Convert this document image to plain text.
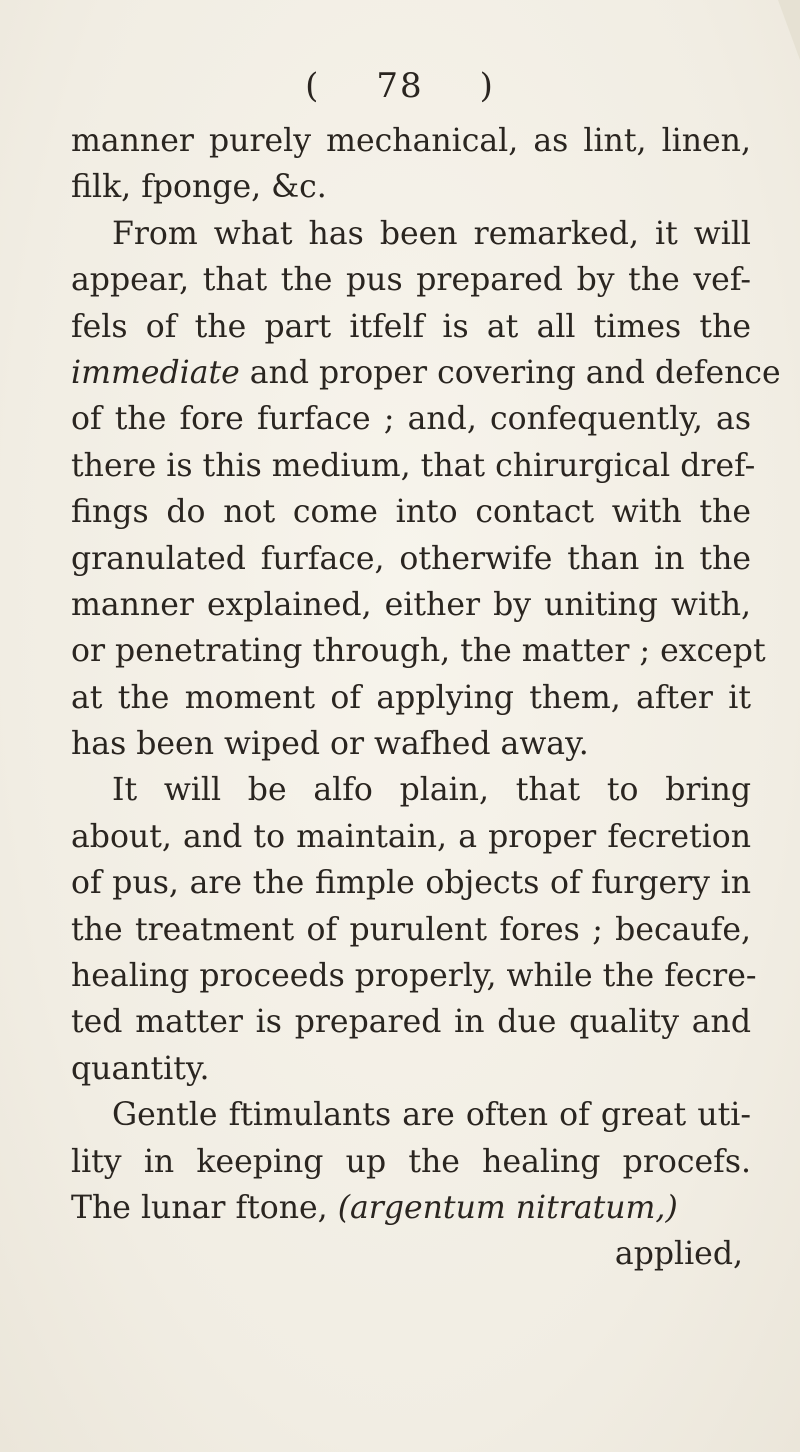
( 78 )
manner purely mechanical, as lint, linen,
filk, fponge, &c.
From what has been remarked, it will
appear, that the pus prepared by the vef-
fels of the part itfelf is at all times the
immediate and proper covering and defence
of the fore furface ; and, confequently, as
there is this medium, that chirurgical dref-
fings do not come into contact with the
granulated furface, otherwife than in the
manner explained, either by uniting with,
or penetrating through, the matter ; except
at the moment of applying them, after it
has been wiped or wafhed away.
It will be alfo plain, that to bring
about, and to maintain, a proper fecretion
of pus, are the fimple objects of furgery in
the treatment of purulent fores ; becaufe,
healing proceeds properly, while the fecre-
ted matter is prepared in due quality and
quantity.
Gentle ftimulants are often of great uti-
lity in keeping up the healing procefs.
The lunar ftone, (argentum nitratum,)
applied,
